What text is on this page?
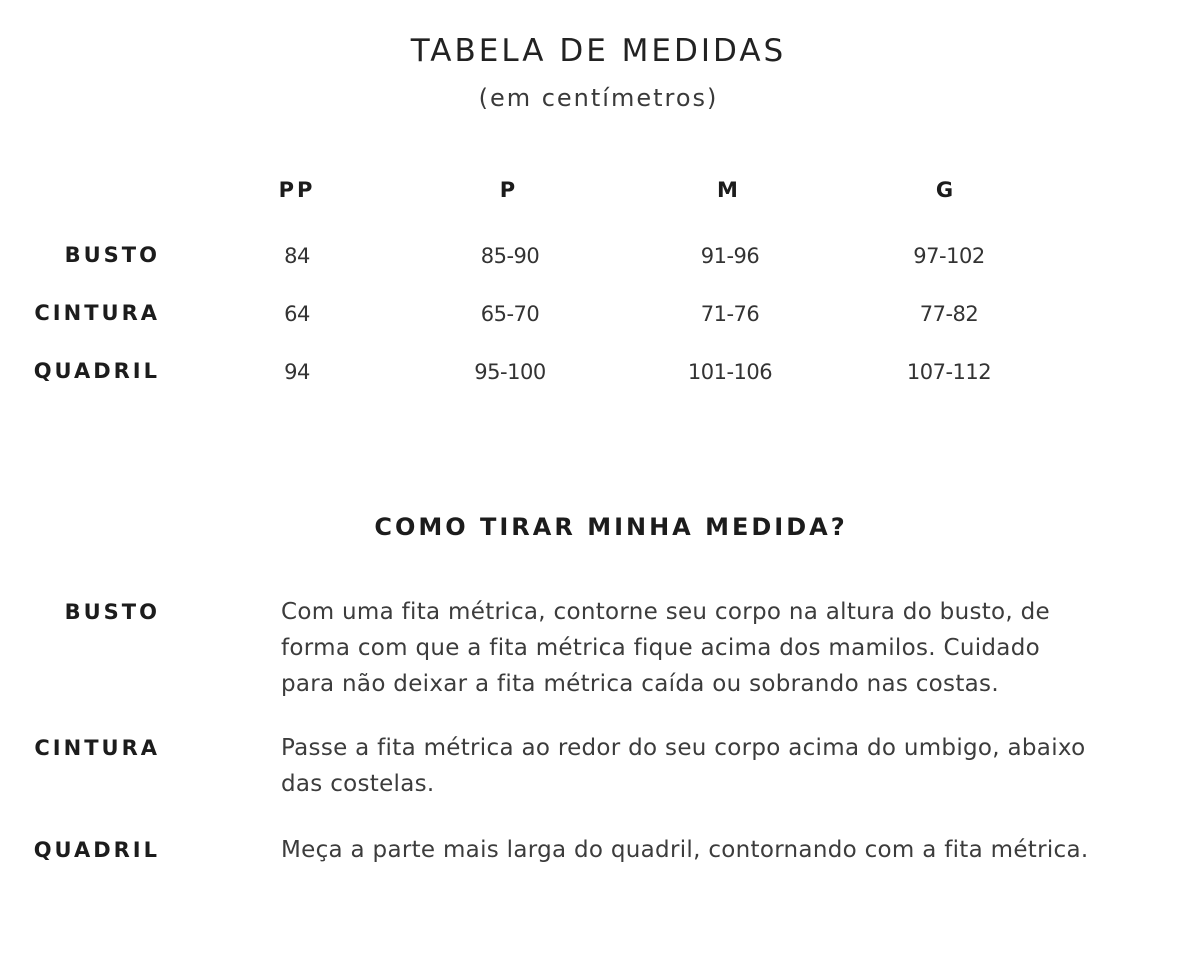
TABELA DE MEDIDAS
(em centímetros)
PP	P	M	G
BUSTO	84	85-90	91-96	97-102
CINTURA	64	65-70	71-76	77-82
QUADRIL	94	95-100	101-106	107-112
COMO TIRAR MINHA MEDIDA?
BUSTO	Com uma fita métrica, contorne seu corpo na altura do busto, de
forma com que a fita métrica fique acima dos mamilos. Cuidado
para não deixar a fita métrica caída ou sobrando nas costas.
CINTURA	Passe a fita métrica ao redor do seu corpo acima do umbigo, abaixo
das costelas.
QUADRIL	Meça a parte mais larga do quadril, contornando com a fita métrica.
